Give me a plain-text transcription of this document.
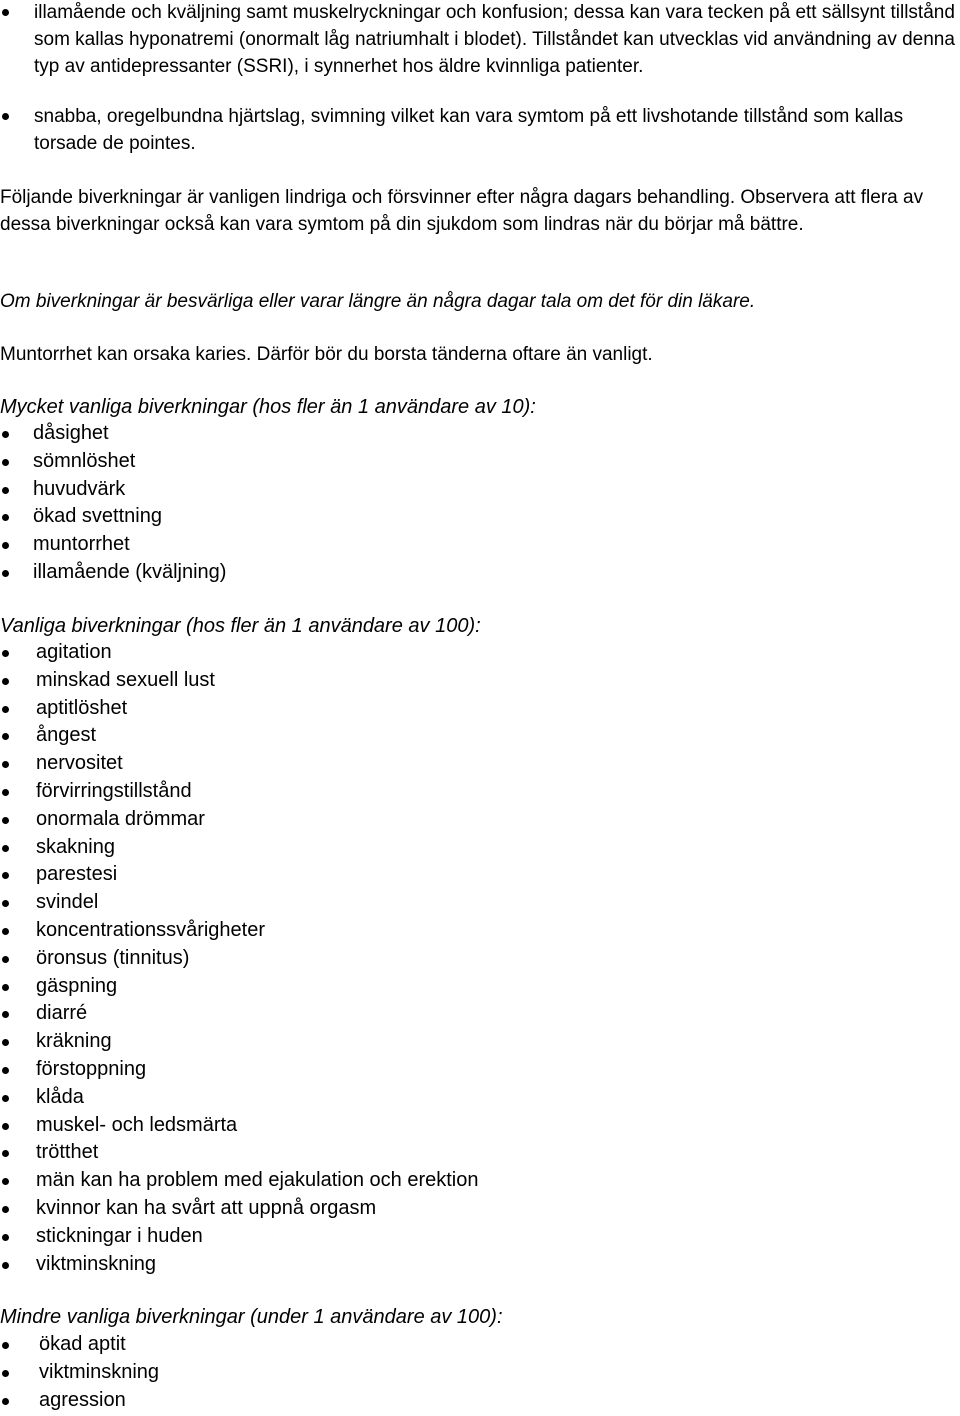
illamående och kväljning samt muskelryckningar och konfusion; dessa kan vara tecken på ett sällsynt tillstånd som kallas hyponatremi (onormalt låg natriumhalt i blodet). Tillståndet kan utvecklas vid användning av denna typ av antidepressanter (SSRI), i synnerhet hos äldre kvinnliga patienter.
snabba, oregelbundna hjärtslag, svimning vilket kan vara symtom på ett livshotande tillstånd som kallas torsade de pointes.
Följande biverkningar är vanligen lindriga och försvinner efter några dagars behandling. Observera att flera av dessa biverkningar också kan vara symtom på din sjukdom som lindras när du börjar må bättre.
Om biverkningar är besvärliga eller varar längre än några dagar tala om det för din läkare.
Muntorrhet kan orsaka karies. Därför bör du borsta tänderna oftare än vanligt.
Mycket vanliga biverkningar (hos fler än 1 användare av 10):
dåsighet
sömnlöshet
huvudvärk
ökad svettning
muntorrhet
illamående (kväljning)
Vanliga biverkningar (hos fler än 1 användare av 100):
agitation
minskad sexuell lust
aptitlöshet
ångest
nervositet
förvirringstillstånd
onormala drömmar
skakning
parestesi
svindel
koncentrationssvårigheter
öronsus (tinnitus)
gäspning
diarré
kräkning
förstoppning
klåda
muskel- och ledsmärta
trötthet
män kan ha problem med ejakulation och erektion
kvinnor kan ha svårt att uppnå orgasm
stickningar i huden
viktminskning
Mindre vanliga biverkningar (under 1 användare av 100):
ökad aptit
viktminskning
agression
